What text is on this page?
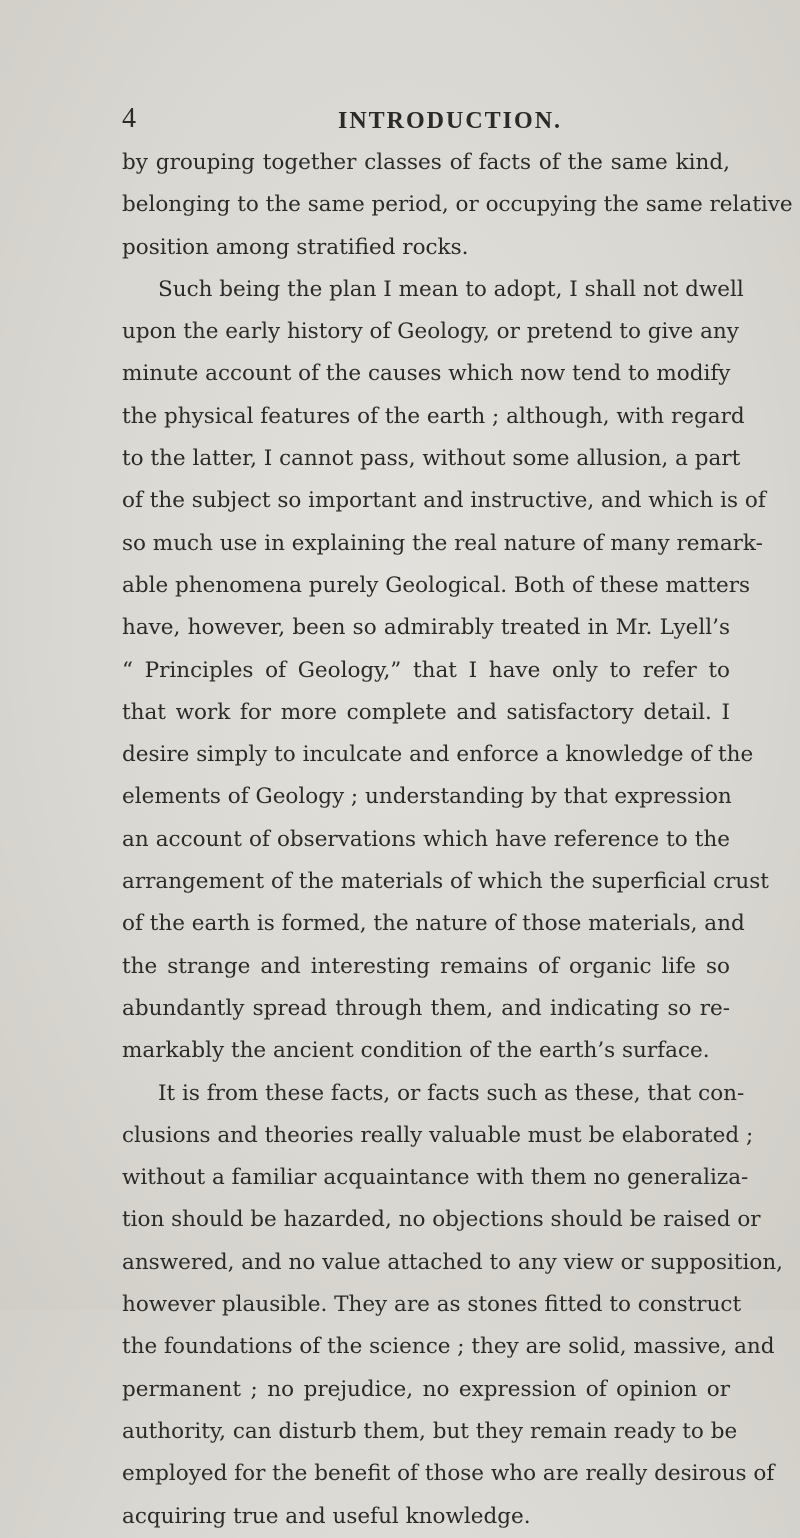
4	INTRODUCTION.
by grouping together classes of facts of the same kind,
belonging to the same period, or occupying the same relative
position among stratified rocks.
Such being the plan I mean to adopt, I shall not dwell
upon the early history of Geology, or pretend to give any
minute account of the causes which now tend to modify
the physical features of the earth ; although, with regard
to the latter, I cannot pass, without some allusion, a part
of the subject so important and instructive, and which is of
so much use in explaining the real nature of many remark-
able phenomena purely Geological. Both of these matters
have, however, been so admirably treated in Mr. Lyell’s
“ Principles of Geology,” that I have only to refer to
that work for more complete and satisfactory detail. I
desire simply to inculcate and enforce a knowledge of the
elements of Geology ; understanding by that expression
an account of observations which have reference to the
arrangement of the materials of which the superficial crust
of the earth is formed, the nature of those materials, and
the strange and interesting remains of organic life so
abundantly spread through them, and indicating so re-
markably the ancient condition of the earth’s surface.
It is from these facts, or facts such as these, that con-
clusions and theories really valuable must be elaborated ;
without a familiar acquaintance with them no generaliza-
tion should be hazarded, no objections should be raised or
answered, and no value attached to any view or supposition,
however plausible. They are as stones fitted to construct
the foundations of the science ; they are solid, massive, and
permanent ; no prejudice, no expression of opinion or
authority, can disturb them, but they remain ready to be
employed for the benefit of those who are really desirous of
acquiring true and useful knowledge.
